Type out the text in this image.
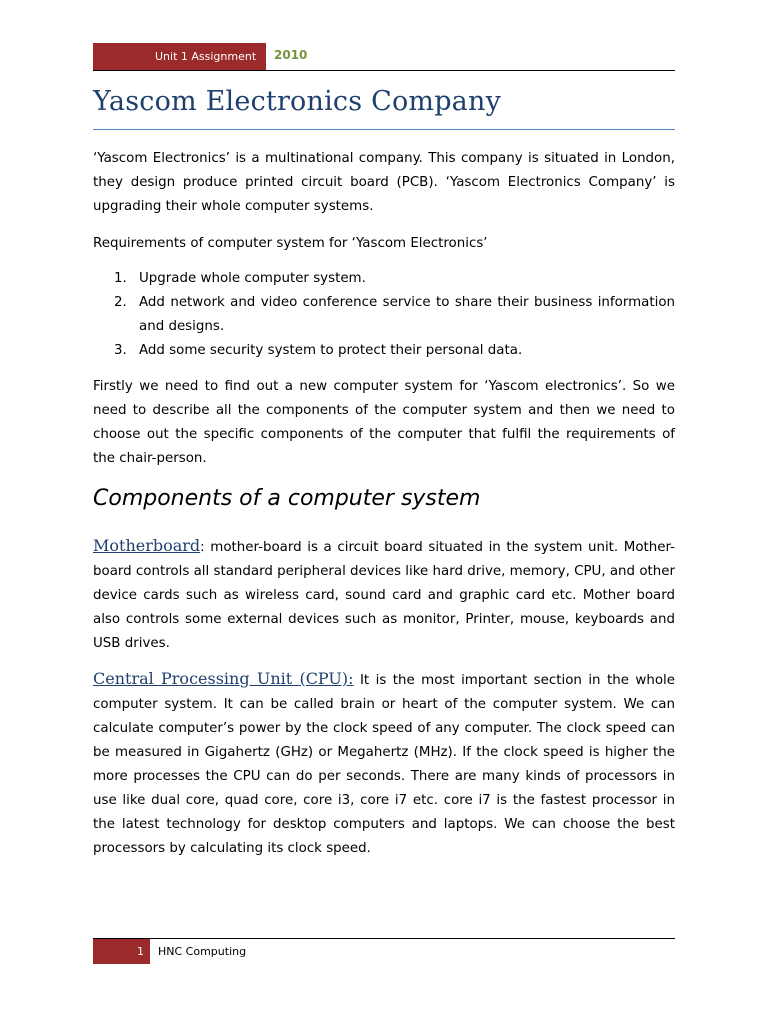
Unit 1 Assignment 2010
Yascom Electronics Company
‘Yascom Electronics’ is a multinational company. This company is situated in London, they design produce printed circuit board (PCB). ‘Yascom Electronics Company’ is upgrading their whole computer systems.
Requirements of computer system for ‘Yascom Electronics’
1. Upgrade whole computer system.
2. Add network and video conference service to share their business information and designs.
3. Add some security system to protect their personal data.
Firstly we need to find out a new computer system for ‘Yascom electronics’. So we need to describe all the components of the computer system and then we need to choose out the specific components of the computer that fulfil the requirements of the chair-person.
Components of a computer system
Motherboard: mother-board is a circuit board situated in the system unit. Mother-board controls all standard peripheral devices like hard drive, memory, CPU, and other device cards such as wireless card, sound card and graphic card etc. Mother board also controls some external devices such as monitor, Printer, mouse, keyboards and USB drives.
Central Processing Unit (CPU): It is the most important section in the whole computer system. It can be called brain or heart of the computer system. We can calculate computer’s power by the clock speed of any computer. The clock speed can be measured in Gigahertz (GHz) or Megahertz (MHz). If the clock speed is higher the more processes the CPU can do per seconds. There are many kinds of processors in use like dual core, quad core, core i3, core i7 etc. core i7 is the fastest processor in the latest technology for desktop computers and laptops. We can choose the best processors by calculating its clock speed.
1 HNC Computing
